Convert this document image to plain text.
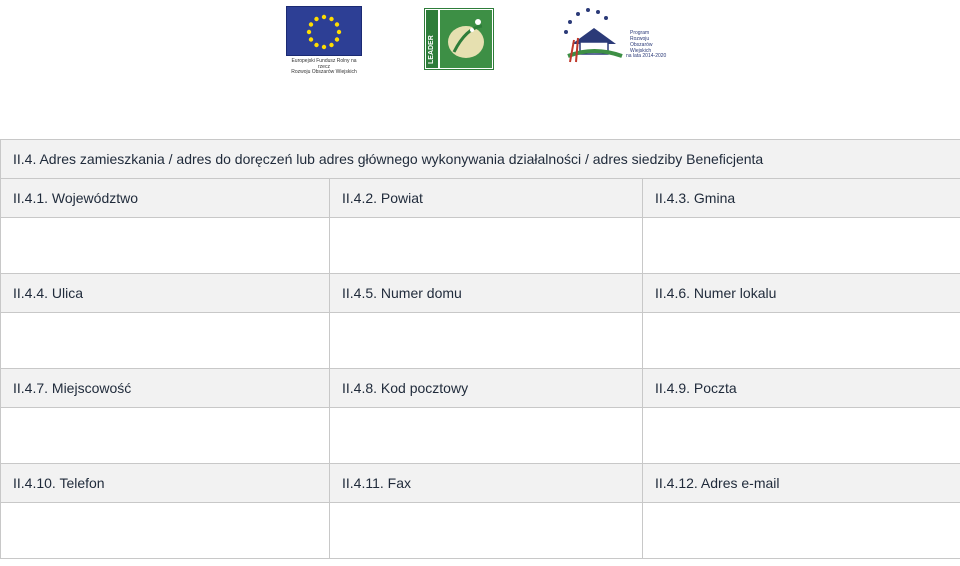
Europejski Fundusz Rolny na rzecz
Rozwoju Obszarów Wiejskich
LEADER

Program
Rozwoju
Obszarów
Wiejskich

na lata 2014-2020
II.4. Adres zamieszkania / adres do doręczeń lub adres głównego wykonywania działalności / adres siedziby Beneficjenta		
II.4.1. Województwo	II.4.2. Powiat	II.4.3. Gmina

II.4.4. Ulica	II.4.5. Numer domu	II.4.6. Numer lokalu

II.4.7. Miejscowość	II.4.8. Kod pocztowy	II.4.9. Poczta

II.4.10. Telefon	II.4.11. Fax	II.4.12. Adres e-mail
